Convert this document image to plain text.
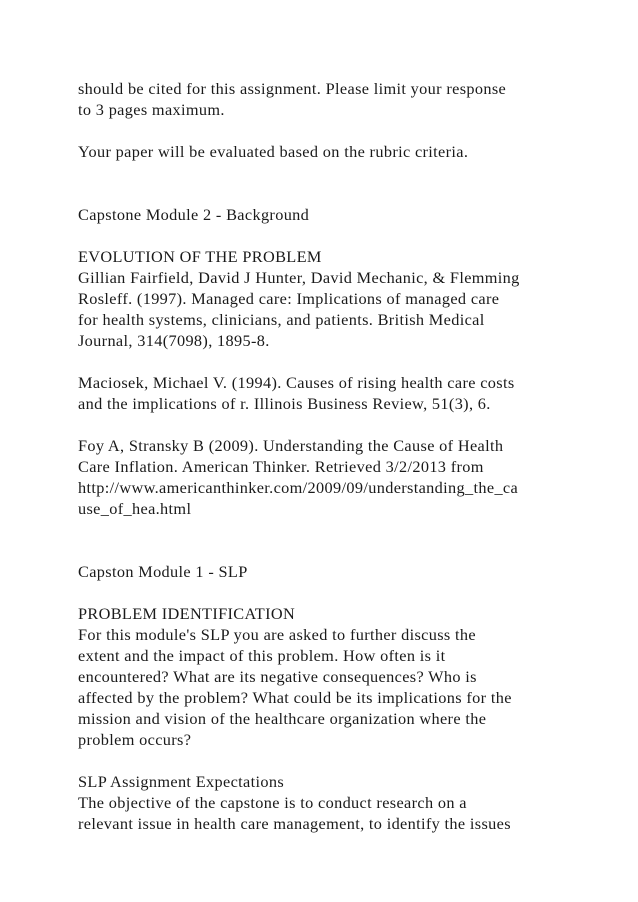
should be cited for this assignment. Please limit your response
to 3 pages maximum.
Your paper will be evaluated based on the rubric criteria.
Capstone Module 2 - Background
EVOLUTION OF THE PROBLEM
Gillian Fairfield, David J Hunter, David Mechanic, & Flemming
Rosleff. (1997). Managed care: Implications of managed care
for health systems, clinicians, and patients. British Medical
Journal, 314(7098), 1895-8.
Maciosek, Michael V. (1994). Causes of rising health care costs
and the implications of r. Illinois Business Review, 51(3), 6.
Foy A, Stransky B (2009). Understanding the Cause of Health
Care Inflation. American Thinker. Retrieved 3/2/2013 from
http://www.americanthinker.com/2009/09/understanding_the_ca
use_of_hea.html
Capston Module 1 - SLP
PROBLEM IDENTIFICATION
For this module's SLP you are asked to further discuss the
extent and the impact of this problem. How often is it
encountered? What are its negative consequences? Who is
affected by the problem? What could be its implications for the
mission and vision of the healthcare organization where the
problem occurs?
SLP Assignment Expectations
The objective of the capstone is to conduct research on a
relevant issue in health care management, to identify the issues
